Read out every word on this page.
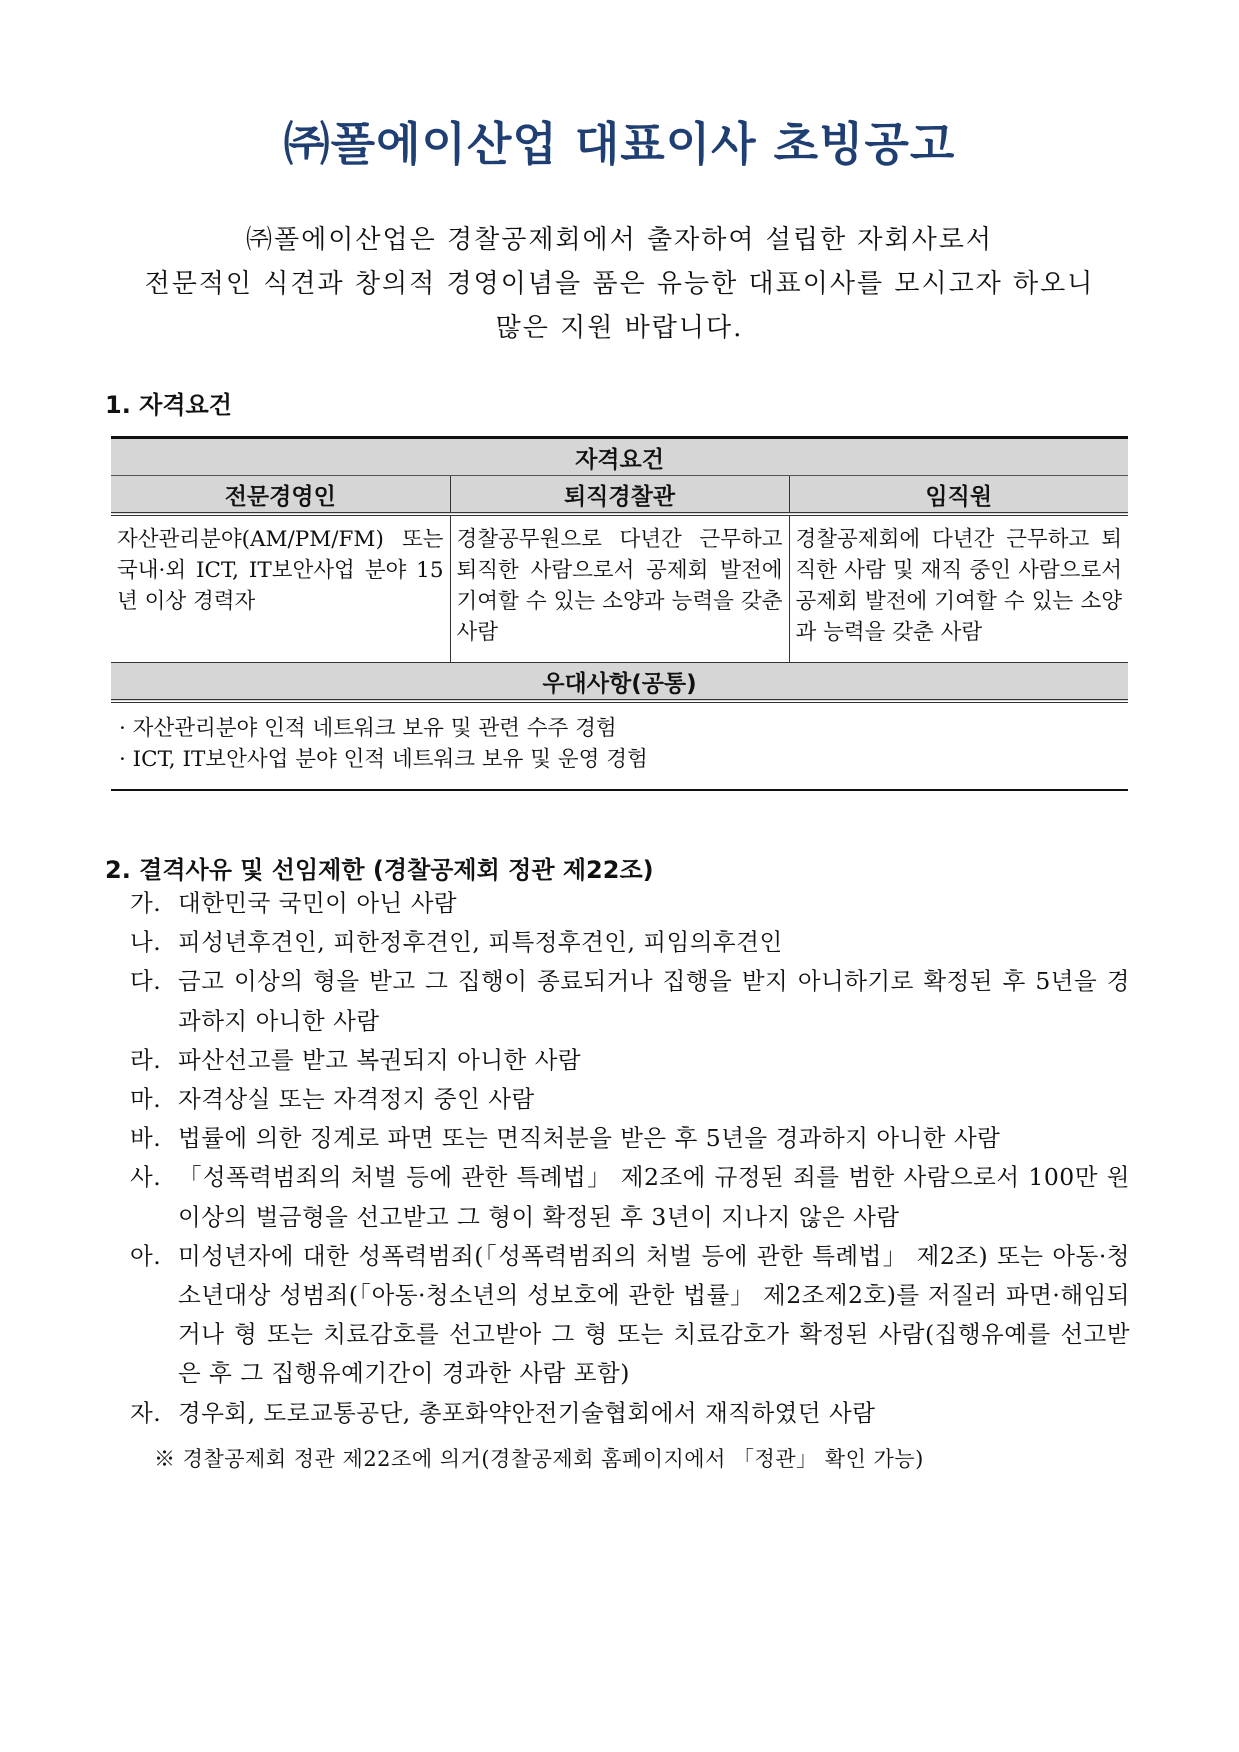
㈜폴에이산업 대표이사 초빙공고
㈜폴에이산업은 경찰공제회에서 출자하여 설립한 자회사로서
전문적인 식견과 창의적 경영이념을 품은 유능한 대표이사를 모시고자 하오니
많은 지원 바랍니다.
1. 자격요건
자격요건		
전문경영인	퇴직경찰관	임직원
자산관리분야(AM/PM/FM) 또는 국내·외 ICT, IT보안사업 분야 15년 이상 경력자	경찰공무원으로 다년간 근무하고 퇴직한 사람으로서 공제회 발전에 기여할 수 있는 소양과 능력을 갖춘 사람	경찰공제회에 다년간 근무하고 퇴직한 사람 및 재직 중인 사람으로서 공제회 발전에 기여할 수 있는 소양과 능력을 갖춘 사람
우대사항(공통)		

· 자산관리분야 인적 네트워크 보유 및 관련 수주 경험
· ICT, IT보안사업 분야 인적 네트워크 보유 및 운영 경험		
2. 결격사유 및 선임제한 (경찰공제회 정관 제22조)
가. 대한민국 국민이 아닌 사람
나. 피성년후견인, 피한정후견인, 피특정후견인, 피임의후견인
다. 금고 이상의 형을 받고 그 집행이 종료되거나 집행을 받지 아니하기로 확정된 후 5년을 경과하지 아니한 사람
라. 파산선고를 받고 복권되지 아니한 사람
마. 자격상실 또는 자격정지 중인 사람
바. 법률에 의한 징계로 파면 또는 면직처분을 받은 후 5년을 경과하지 아니한 사람
사. 「성폭력범죄의 처벌 등에 관한 특례법」 제2조에 규정된 죄를 범한 사람으로서 100만 원 이상의 벌금형을 선고받고 그 형이 확정된 후 3년이 지나지 않은 사람
아. 미성년자에 대한 성폭력범죄(「성폭력범죄의 처벌 등에 관한 특례법」 제2조) 또는 아동·청소년대상 성범죄(「아동·청소년의 성보호에 관한 법률」 제2조제2호)를 저질러 파면·해임되거나 형 또는 치료감호를 선고받아 그 형 또는 치료감호가 확정된 사람(집행유예를 선고받은 후 그 집행유예기간이 경과한 사람 포함)
자. 경우회, 도로교통공단, 총포화약안전기술협회에서 재직하였던 사람
※ 경찰공제회 정관 제22조에 의거(경찰공제회 홈페이지에서 「정관」 확인 가능)
